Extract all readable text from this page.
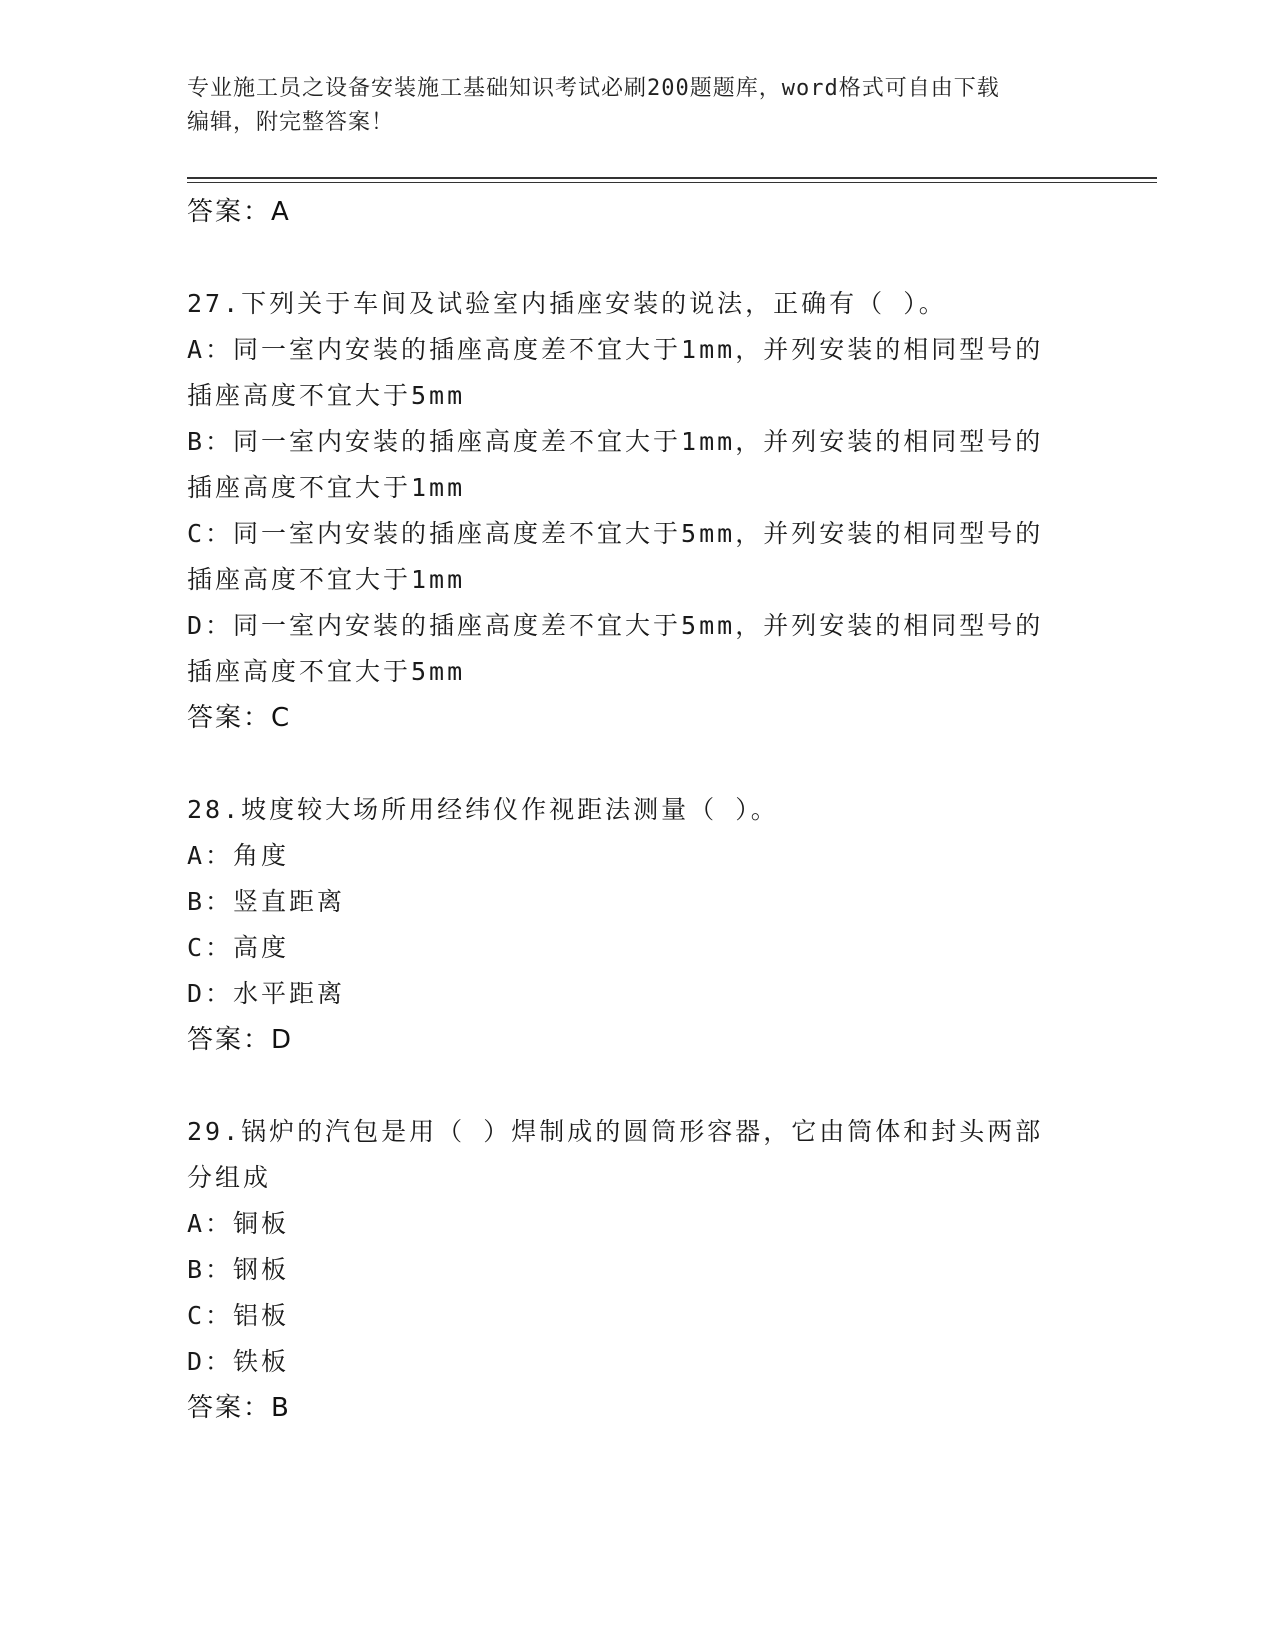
专业施工员之设备安装施工基础知识考试必刷200题题库，word格式可自由下载
编辑，附完整答案！
答案：A
27.下列关于车间及试验室内插座安装的说法，正确有（ ）。
A：同一室内安装的插座高度差不宜大于1mm，并列安装的相同型号的
插座高度不宜大于5mm
B：同一室内安装的插座高度差不宜大于1mm，并列安装的相同型号的
插座高度不宜大于1mm
C：同一室内安装的插座高度差不宜大于5mm，并列安装的相同型号的
插座高度不宜大于1mm
D：同一室内安装的插座高度差不宜大于5mm，并列安装的相同型号的
插座高度不宜大于5mm
答案：C
28.坡度较大场所用经纬仪作视距法测量（ ）。
A：角度
B：竖直距离
C：高度
D：水平距离
答案：D
29.锅炉的汽包是用（ ）焊制成的圆筒形容器，它由筒体和封头两部
分组成
A：铜板
B：钢板
C：铝板
D：铁板
答案：B
